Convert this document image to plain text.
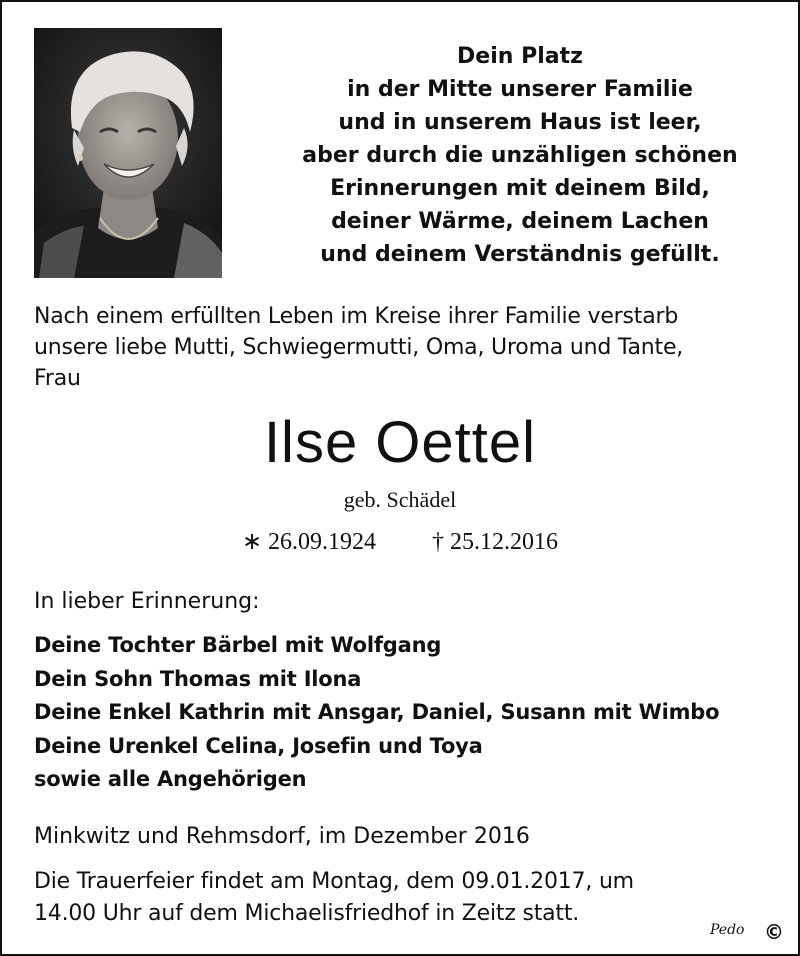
Dein Platz
in der Mitte unserer Familie
und in unserem Haus ist leer,
aber durch die unzähligen schönen
Erinnerungen mit deinem Bild,
deiner Wärme, deinem Lachen
und deinem Verständnis gefüllt.
Nach einem erfüllten Leben im Kreise ihrer Familie verstarb
unsere liebe Mutti, Schwiegermutti, Oma, Uroma und Tante,
Frau
Ilse Oettel
geb. Schädel
∗ 26.09.1924 † 25.12.2016
In lieber Erinnerung:
Deine Tochter Bärbel mit Wolfgang
Dein Sohn Thomas mit Ilona
Deine Enkel Kathrin mit Ansgar, Daniel, Susann mit Wimbo
Deine Urenkel Celina, Josefin und Toya
sowie alle Angehörigen
Minkwitz und Rehmsdorf, im Dezember 2016
Die Trauerfeier findet am Montag, dem 09.01.2017, um
14.00 Uhr auf dem Michaelisfriedhof in Zeitz statt.
Pedo ©
